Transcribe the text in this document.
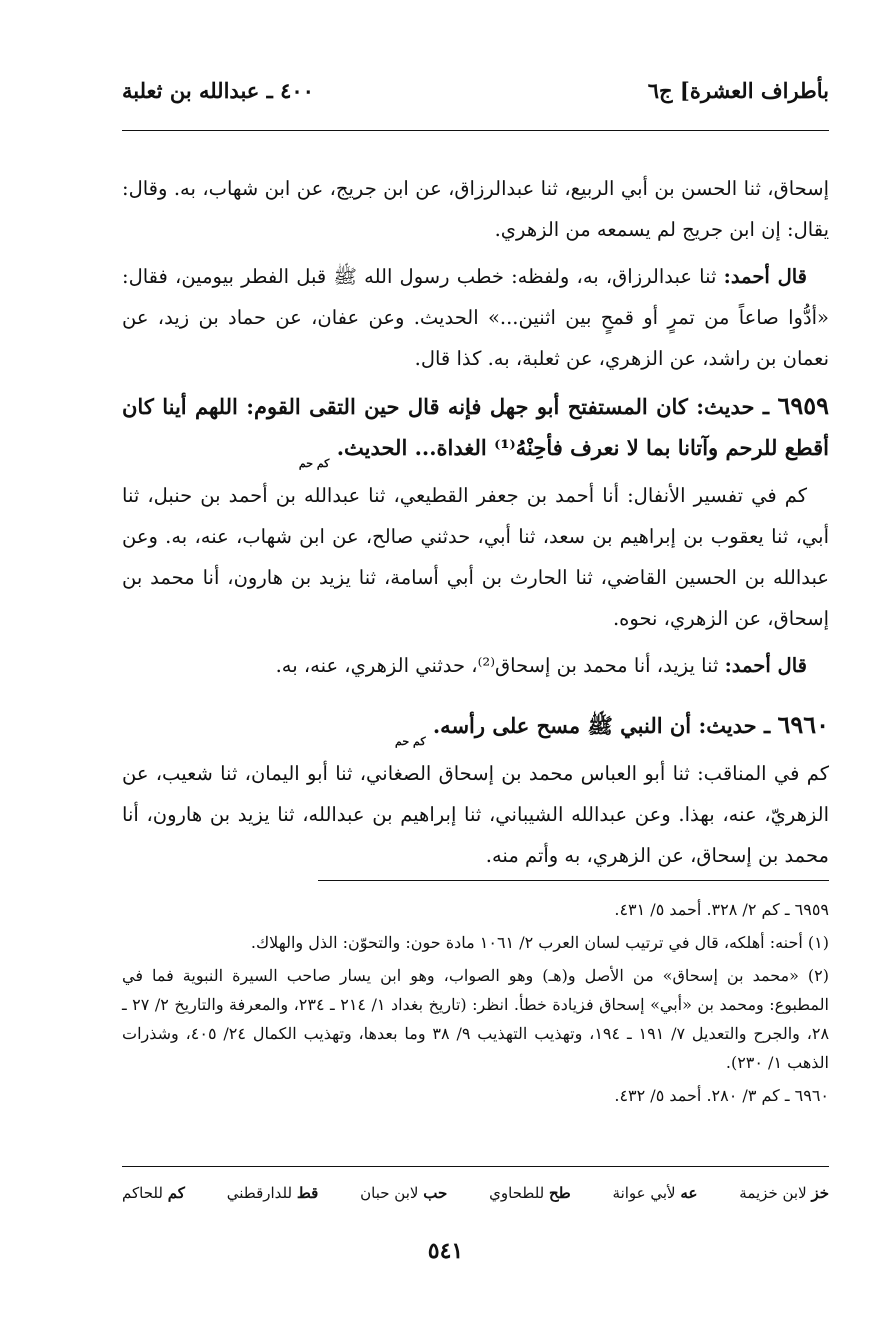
بأطراف العشرة] ج٦
٤٠٠ ـ عبدالله بن ثعلبة

إسحاق، ثنا الحسن بن أبي الربيع، ثنا عبدالرزاق، عن ابن جريج، عن ابن شهاب، به. وقال: يقال: إن ابن جريج لم يسمعه من الزهري.

قال أحمد: ثنا عبدالرزاق، به، ولفظه: خطب رسول الله ﷺ قبل الفطر بيومين، فقال: «أدُّوا صاعاً من تمرٍ أو قمحٍ بين اثنين...» الحديث. وعن عفان، عن حماد بن زيد، عن نعمان بن راشد، عن الزهري، عن ثعلبة، به. كذا قال.

٦٩٥٩ ـ حديث: كان المستفتح أبو جهل فإنه قال حين التقى القوم: اللهم أينا كان أقطع للرحم وآتانا بما لا نعرف فأحِنْهُ⁽¹⁾ الغداة... الحديث. كم حم

كم في تفسير الأنفال: أنا أحمد بن جعفر القطيعي، ثنا عبدالله بن أحمد بن حنبل، ثنا أبي، ثنا يعقوب بن إبراهيم بن سعد، ثنا أبي، حدثني صالح، عن ابن شهاب، عنه، به. وعن عبدالله بن الحسين القاضي، ثنا الحارث بن أبي أسامة، ثنا يزيد بن هارون، أنا محمد بن إسحاق، عن الزهري، نحوه.

قال أحمد: ثنا يزيد، أنا محمد بن إسحاق⁽²⁾، حدثني الزهري، عنه، به.

٦٩٦٠ ـ حديث: أن النبي ﷺ مسح على رأسه. كم حم

كم في المناقب: ثنا أبو العباس محمد بن إسحاق الصغاني، ثنا أبو اليمان، ثنا شعيب، عن الزهريّ، عنه، بهذا. وعن عبدالله الشيباني، ثنا إبراهيم بن عبدالله، ثنا يزيد بن هارون، أنا محمد بن إسحاق، عن الزهري، به وأتم منه.

٦٩٥٩ ـ كم ٢/ ٣٢٨. أحمد ٥/ ٤٣١.

(١) أحنه: أهلكه، قال في ترتيب لسان العرب ٢/ ١٠٦١ مادة حون: والتحوّن: الذل والهلاك.

(٢) «محمد بن إسحاق» من الأصل و(هـ) وهو الصواب، وهو ابن يسار صاحب السيرة النبوية فما في المطبوع: ومحمد بن «أبي» إسحاق فزيادة خطأ. انظر: (تاريخ بغداد ١/ ٢١٤ ـ ٢٣٤، والمعرفة والتاريخ ٢/ ٢٧ ـ ٢٨، والجرح والتعديل ٧/ ١٩١ ـ ١٩٤، وتهذيب التهذيب ٩/ ٣٨ وما بعدها، وتهذيب الكمال ٢٤/ ٤٠٥، وشذرات الذهب ١/ ٢٣٠).

٦٩٦٠ ـ كم ٣/ ٢٨٠. أحمد ٥/ ٤٣٢.

خز لابن خزيمة
عه لأبي عوانة
طح للطحاوي
حب لابن حبان
قط للدارقطني
كم للحاكم
٥٤١
